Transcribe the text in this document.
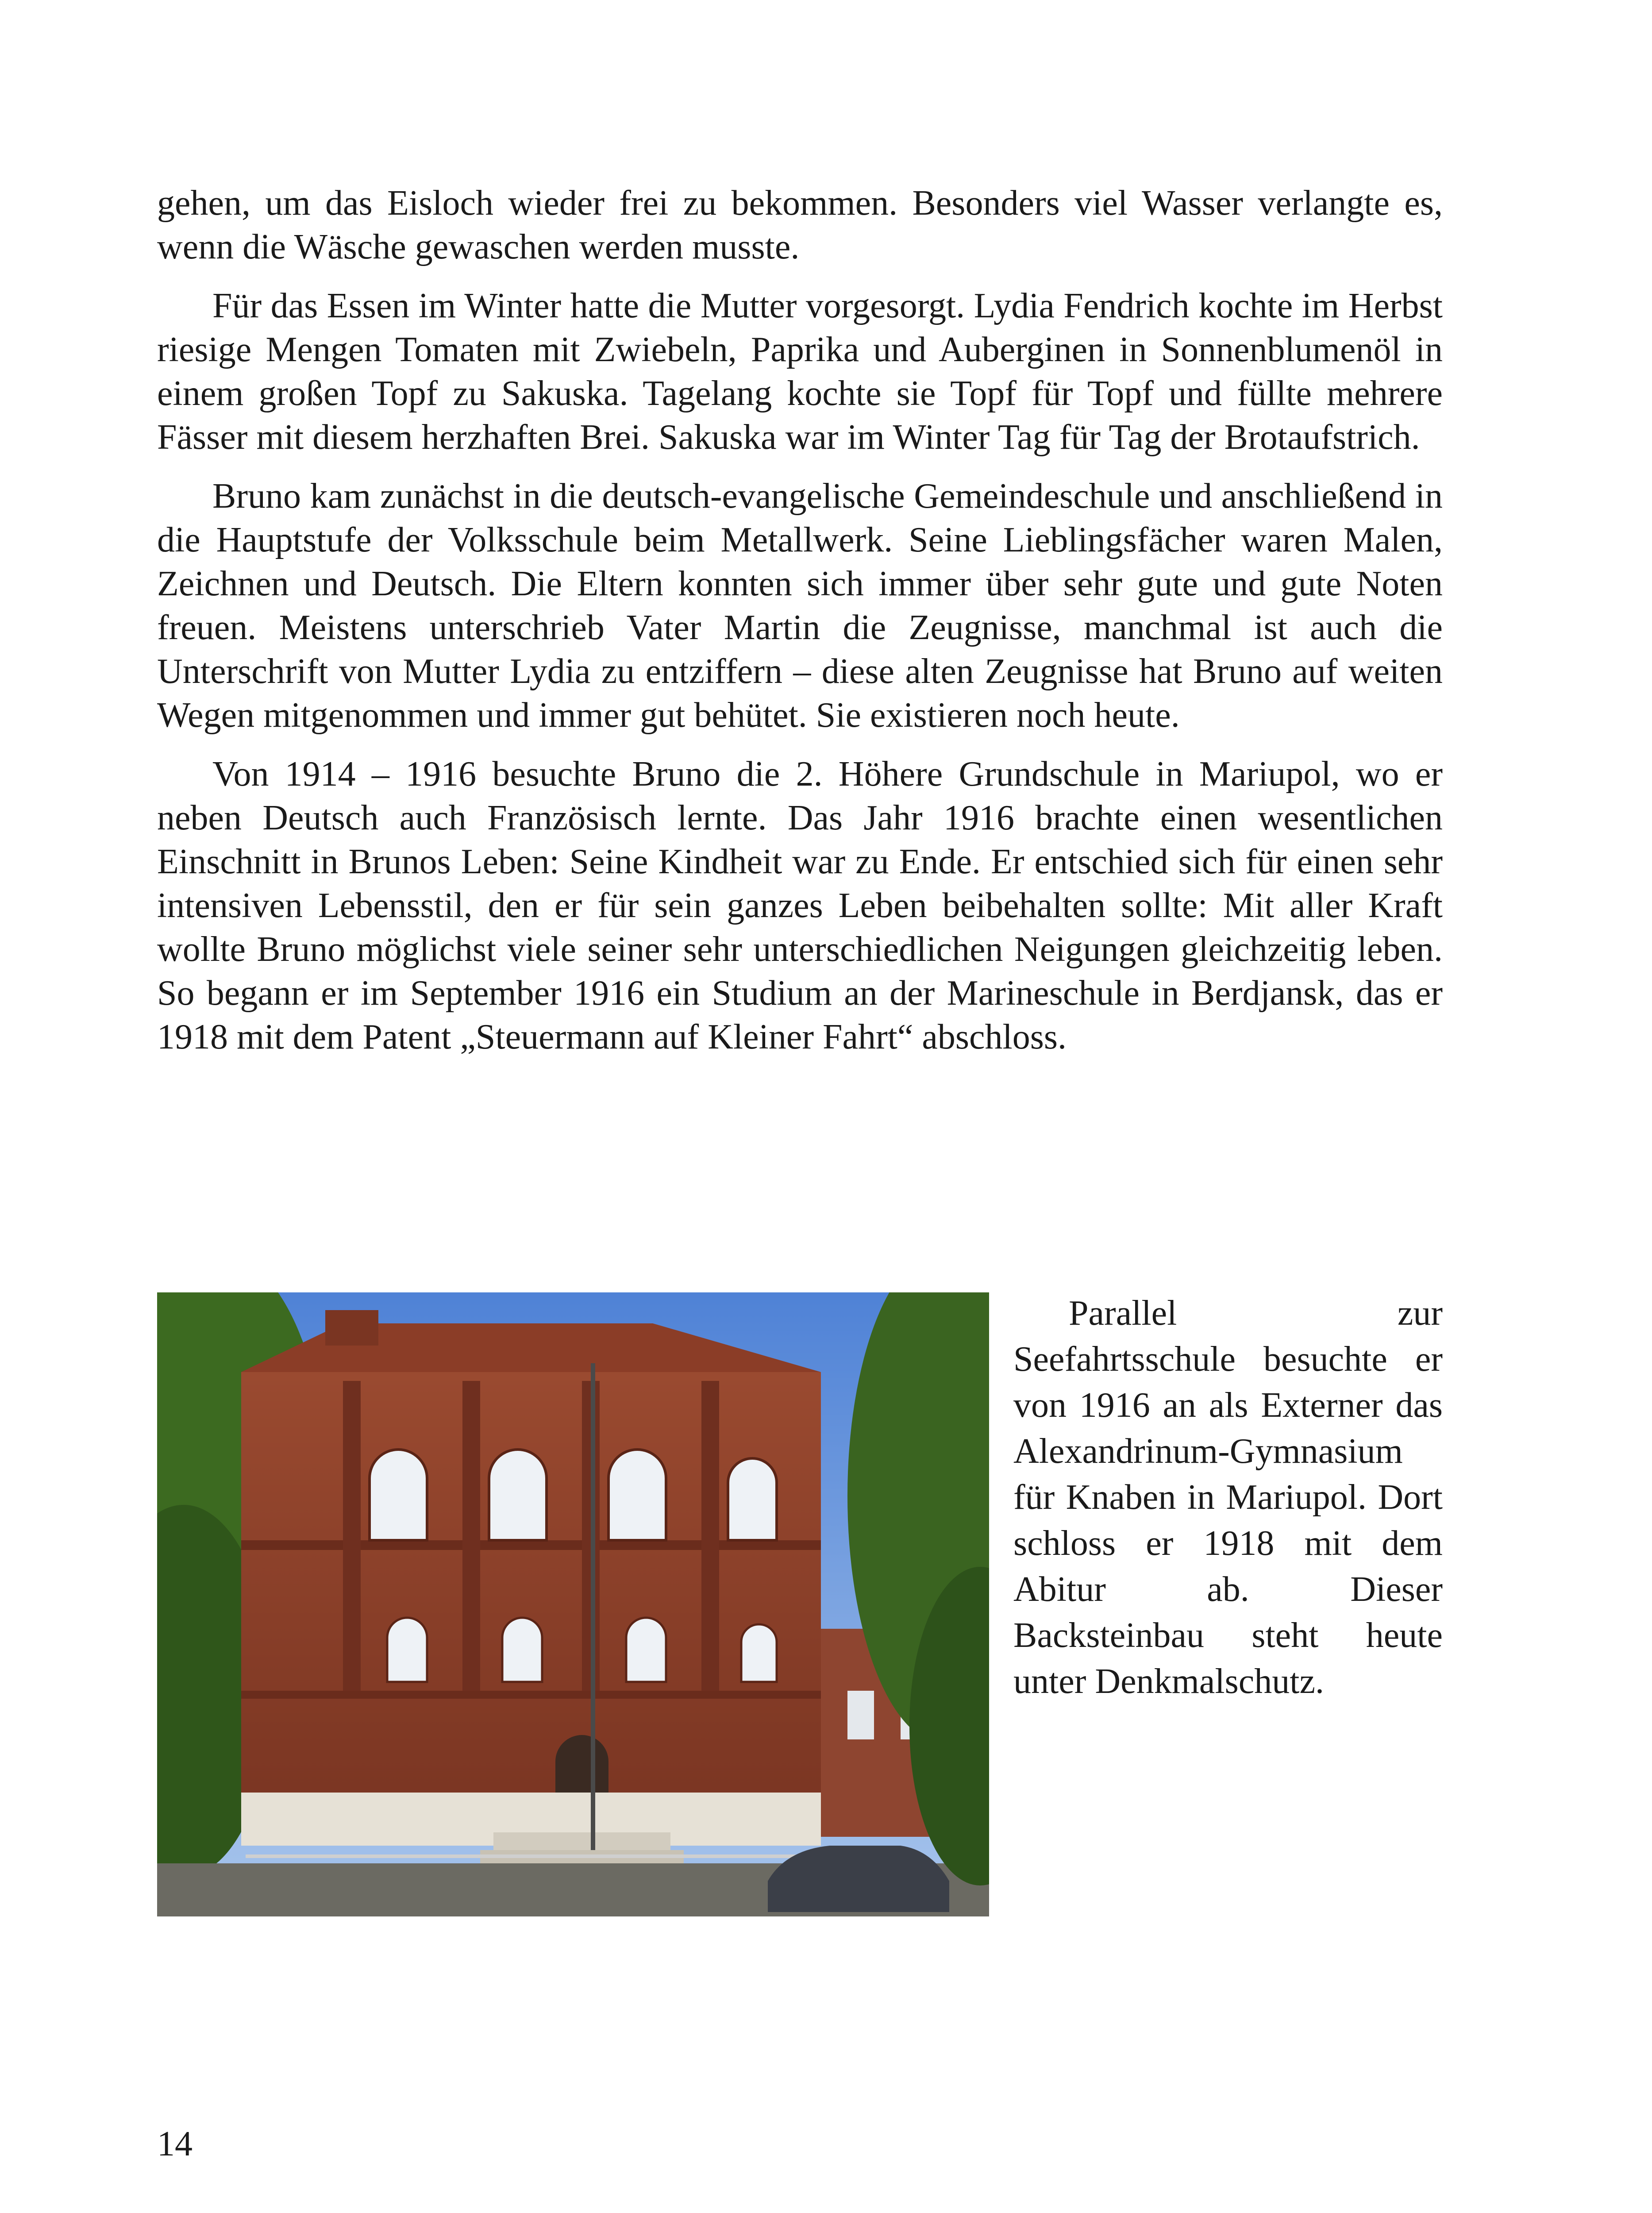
gehen, um das Eisloch wieder frei zu bekommen. Besonders viel Wasser verlangte es, wenn die Wäsche gewaschen werden musste.

Für das Essen im Winter hatte die Mutter vorgesorgt. Lydia Fendrich kochte im Herbst riesige Mengen Tomaten mit Zwiebeln, Paprika und Auberginen in Sonnenblumenöl in einem großen Topf zu Sakuska. Tagelang kochte sie Topf für Topf und füllte mehrere Fässer mit diesem herzhaften Brei. Sakuska war im Winter Tag für Tag der Brotaufstrich.

Bruno kam zunächst in die deutsch-evangelische Gemeindeschule und anschließend in die Hauptstufe der Volksschule beim Metallwerk. Seine Lieblingsfächer waren Malen, Zeichnen und Deutsch. Die Eltern konnten sich immer über sehr gute und gute Noten freuen. Meistens unterschrieb Vater Martin die Zeugnisse, manchmal ist auch die Unterschrift von Mutter Lydia zu entziffern – diese alten Zeugnisse hat Bruno auf weiten Wegen mitgenommen und immer gut behütet. Sie existieren noch heute.

Von 1914 – 1916 besuchte Bruno die 2. Höhere Grundschule in Mariupol, wo er neben Deutsch auch Französisch lernte. Das Jahr 1916 brachte einen wesentlichen Einschnitt in Brunos Leben: Seine Kindheit war zu Ende. Er entschied sich für einen sehr intensiven Lebensstil, den er für sein ganzes Leben beibehalten sollte: Mit aller Kraft wollte Bruno möglichst viele seiner sehr unterschiedlichen Neigungen gleichzeitig leben. So begann er im September 1916 ein Studium an der Marineschule in Berdjansk, das er 1918 mit dem Patent „Steuermann auf Kleiner Fahrt“ abschloss.

Parallel zur Seefahrtsschule besuchte er von 1916 an als Externer das Alexandrinum-Gymnasium für Knaben in Mariupol. Dort schloss er 1918 mit dem Abitur ab. Dieser Backsteinbau steht heute unter Denkmalschutz.

14
